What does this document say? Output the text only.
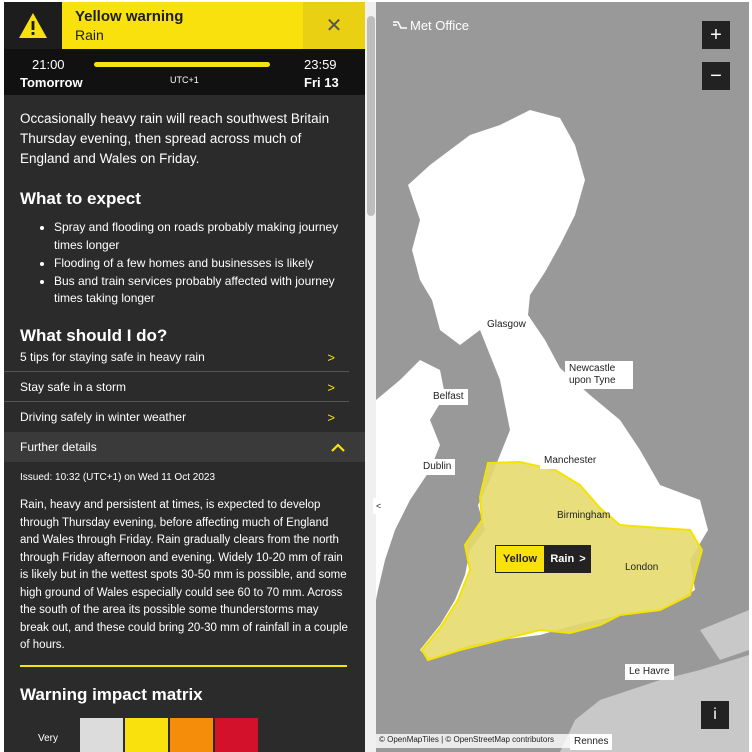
Yellow warning
Rain	✕
21:00
Tomorrow	UTC+1
23:59
Fri 13

Occasionally heavy rain will reach southwest Britain Thursday evening, then spread across much of England and Wales on Friday.

What to expect
• Spray and flooding on roads probably making journey times longer
• Flooding of a few homes and businesses is likely
• Bus and train services probably affected with journey times taking longer
What should I do?
5 tips for staying safe in heavy rain	>
Stay safe in a storm	>
Driving safely in winter weather	>
Further details
Issued: 10:32 (UTC+1) on Wed 11 Oct 2023
Rain, heavy and persistent at times, is expected to develop through Thursday evening, before affecting much of England and Wales through Friday. Rain gradually clears from the north through Friday afternoon and evening. Widely 10-20 mm of rain is likely but in the wettest spots 30-50 mm is possible, and some high ground of Wales especially could see 60 to 70 mm. Across the south of the area its possible some thunderstorms may break out, and these could bring 20-30 mm of rainfall in a couple of hours.
Warning impact matrix
Very
Met Office	+
−
Glasgow
Newcastle upon Tyne
Belfast
Manchester
Dublin
Birmingham
London
Le Havre
Rennes
Yellow	Rain >
<
© OpenMapTiles | © OpenStreetMap contributors
i
